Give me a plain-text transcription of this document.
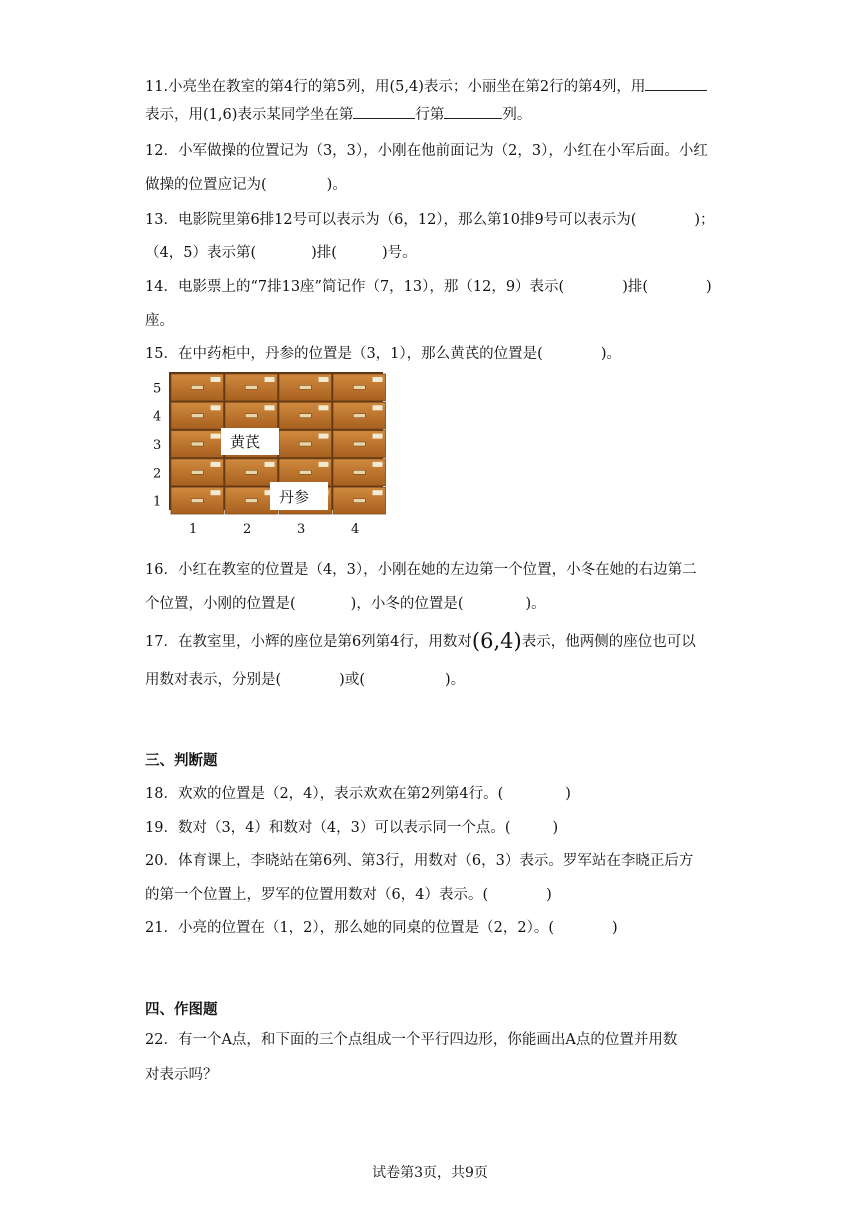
11.小亮坐在教室的第4行的第5列，用(5,4)表示；小丽坐在第2行的第4列，用
表示，用(1,6)表示某同学坐在第	行第	列。
12．小军做操的位置记为（3，3），小刚在他前面记为（2，3），小红在小军后面。小红
做操的位置应记为(	)。
13．电影院里第6排12号可以表示为（6，12），那么第10排9号可以表示为(	)；
（4，5）表示第(	)排(	)号。
14．电影票上的“7排13座”简记作（7，13），那（12，9）表示(	)排(	)
座。
15．在中药柜中，丹参的位置是（3，1），那么黄芪的位置是(	)。
5
4
3
2
1
1	2	3	4
黄芪
丹参
16．小红在教室的位置是（4，3），小刚在她的左边第一个位置，小冬在她的右边第二
个位置，小刚的位置是(	)，小冬的位置是(	)。
17．在教室里，小辉的座位是第6列第4行，用数对(6,4)表示，他两侧的座位也可以
用数对表示，分别是(	)或(	)。
三、判断题
18．欢欢的位置是（2，4），表示欢欢在第2列第4行。(	)
19．数对（3，4）和数对（4，3）可以表示同一个点。(	)
20．体育课上，李晓站在第6列、第3行，用数对（6，3）表示。罗军站在李晓正后方
的第一个位置上，罗军的位置用数对（6，4）表示。(	)
21．小亮的位置在（1，2），那么她的同桌的位置是（2，2）。(	)
四、作图题
22．有一个A点，和下面的三个点组成一个平行四边形，你能画出A点的位置并用数
对表示吗？
试卷第3页，共9页
